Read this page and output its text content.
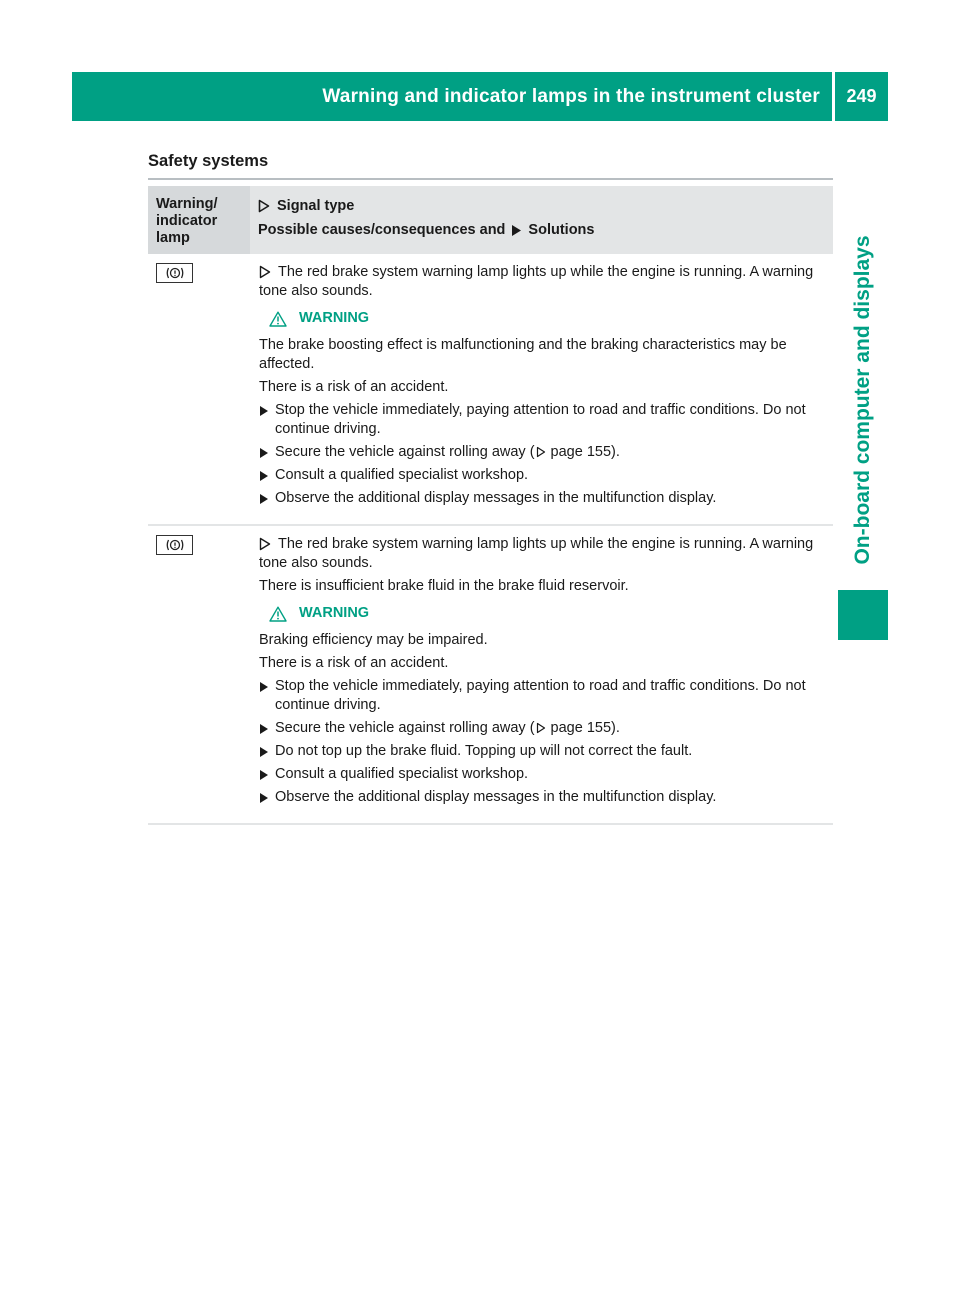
Warning and indicator lamps in the instrument cluster 249
On-board computer and displays
Safety systems
Warning/
indicator
lamp
Signal type
Possible causes/consequences and Solutions
The red brake system warning lamp lights up while the engine is running. A warning tone also sounds.
WARNING
The brake boosting effect is malfunctioning and the braking characteristics may be affected.
There is a risk of an accident.
Stop the vehicle immediately, paying attention to road and traffic conditions. Do not continue driving.
Secure the vehicle against rolling away ( page 155).
Consult a qualified specialist workshop.
Observe the additional display messages in the multifunction display.
The red brake system warning lamp lights up while the engine is running. A warning tone also sounds.
There is insufficient brake fluid in the brake fluid reservoir.
WARNING
Braking efficiency may be impaired.
There is a risk of an accident.
Stop the vehicle immediately, paying attention to road and traffic conditions. Do not continue driving.
Secure the vehicle against rolling away ( page 155).
Do not top up the brake fluid. Topping up will not correct the fault.
Consult a qualified specialist workshop.
Observe the additional display messages in the multifunction display.
